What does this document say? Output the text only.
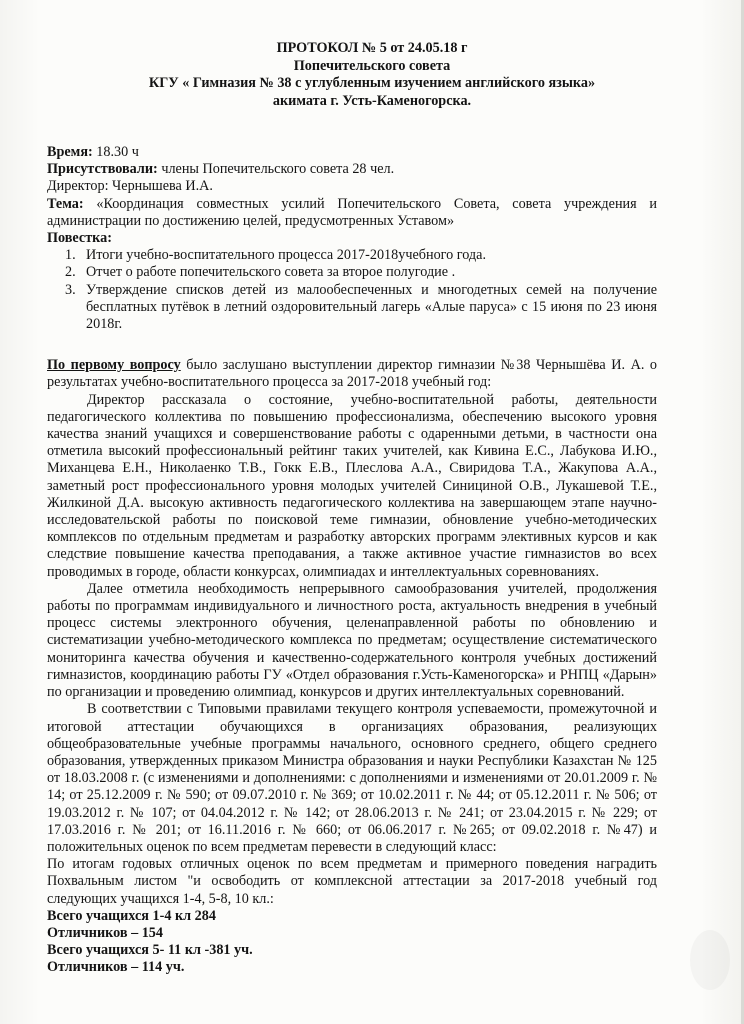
ПРОТОКОЛ № 5 от 24.05.18 г
Попечительского совета
КГУ « Гимназия № 38 с углубленным изучением английского языка»
акимата г. Усть-Каменогорска.

Время: 18.30 ч

Присутствовали: члены Попечительского совета 28 чел.

Директор: Чернышева И.А.

Тема: «Координация совместных усилий Попечительского Совета, совета учреждения и администрации по достижению целей, предусмотренных Уставом»

Повестка:

1. Итоги учебно-воспитательного процесса 2017-2018учебного года.
2. Отчет о работе попечительского совета за второе полугодие .
3. Утверждение списков детей из малообеспеченных и многодетных семей на получение бесплатных путёвок в летний оздоровительный лагерь «Алые паруса» с 15 июня по 23 июня 2018г.

По первому вопросу было заслушано выступлении директор гимназии №38 Чернышёва И. А. о результатах учебно-воспитательного процесса за 2017-2018 учебный год:

Директор рассказала о состояние, учебно-воспитательной работы, деятельности педагогического коллектива по повышению профессионализма, обеспечению высокого уровня качества знаний учащихся и совершенствование работы с одаренными детьми, в частности она отметила высокий профессиональный рейтинг таких учителей, как Кивина Е.С., Лабукова И.Ю., Миханцева Е.Н., Николаенко Т.В., Гокк Е.В., Плеслова А.А., Свиридова Т.А., Жакупова А.А., заметный рост профессионального уровня молодых учителей Синициной О.В., Лукашевой Т.Е., Жилкиной Д.А. высокую активность педагогического коллектива на завершающем этапе научно-исследовательской работы по поисковой теме гимназии, обновление учебно-методических комплексов по отдельным предметам и разработку авторских программ элективных курсов и как следствие повышение качества преподавания, а также активное участие гимназистов во всех проводимых в городе, области конкурсах, олимпиадах и интеллектуальных соревнованиях.

Далее отметила необходимость непрерывного самообразования учителей, продолжения работы по программам индивидуального и личностного роста, актуальность внедрения в учебный процесс системы электронного обучения, целенаправленной работы по обновлению и систематизации учебно-методического комплекса по предметам; осуществление систематического мониторинга качества обучения и качественно-содержательного контроля учебных достижений гимназистов, координацию работы ГУ «Отдел образования г.Усть-Каменогорска» и РНПЦ «Дарын» по организации и проведению олимпиад, конкурсов и других интеллектуальных соревнований.

В соответствии с Типовыми правилами текущего контроля успеваемости, промежуточной и итоговой аттестации обучающихся в организациях образования, реализующих общеобразовательные учебные программы начального, основного среднего, общего среднего образования, утвержденных приказом Министра образования и науки Республики Казахстан № 125 от 18.03.2008 г. (с изменениями и дополнениями: с дополнениями и изменениями от 20.01.2009 г. № 14; от 25.12.2009 г. № 590; от 09.07.2010 г. № 369; от 10.02.2011 г. № 44; от 05.12.2011 г. № 506; от 19.03.2012 г. № 107; от 04.04.2012 г. № 142; от 28.06.2013 г. № 241; от 23.04.2015 г. № 229; от 17.03.2016 г. № 201; от 16.11.2016 г. № 660; от 06.06.2017 г. №265; от 09.02.2018 г. №47) и положительных оценок по всем предметам перевести в следующий класс:

По итогам годовых отличных оценок по всем предметам и примерного поведения наградить Похвальным листом "и освободить от комплексной аттестации за 2017-2018 учебный год следующих учащихся 1-4, 5-8, 10 кл.:

Всего учащихся 1-4 кл 284
Отличников – 154
Всего учащихся 5- 11 кл -381 уч.
Отличников – 114 уч.
